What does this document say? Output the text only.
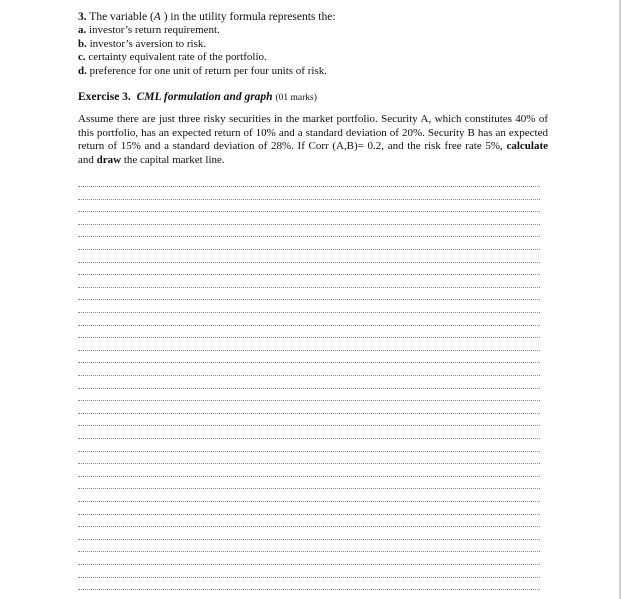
3. The variable (A ) in the utility formula represents the:

a. investor’s return requirement.

b. investor’s aversion to risk.

c. certainty equivalent rate of the portfolio.

d. preference for one unit of return per four units of risk.

Exercise 3. CML formulation and graph (01 marks)

Assume there are just three risky securities in the market portfolio. Security A, which constitutes 40% of this portfolio, has an expected return of 10% and a standard deviation of 20%. Security B has an expected return of 15% and a standard deviation of 28%. If Corr (A,B)= 0.2, and the risk free rate 5%, calculate and draw the capital market line.
